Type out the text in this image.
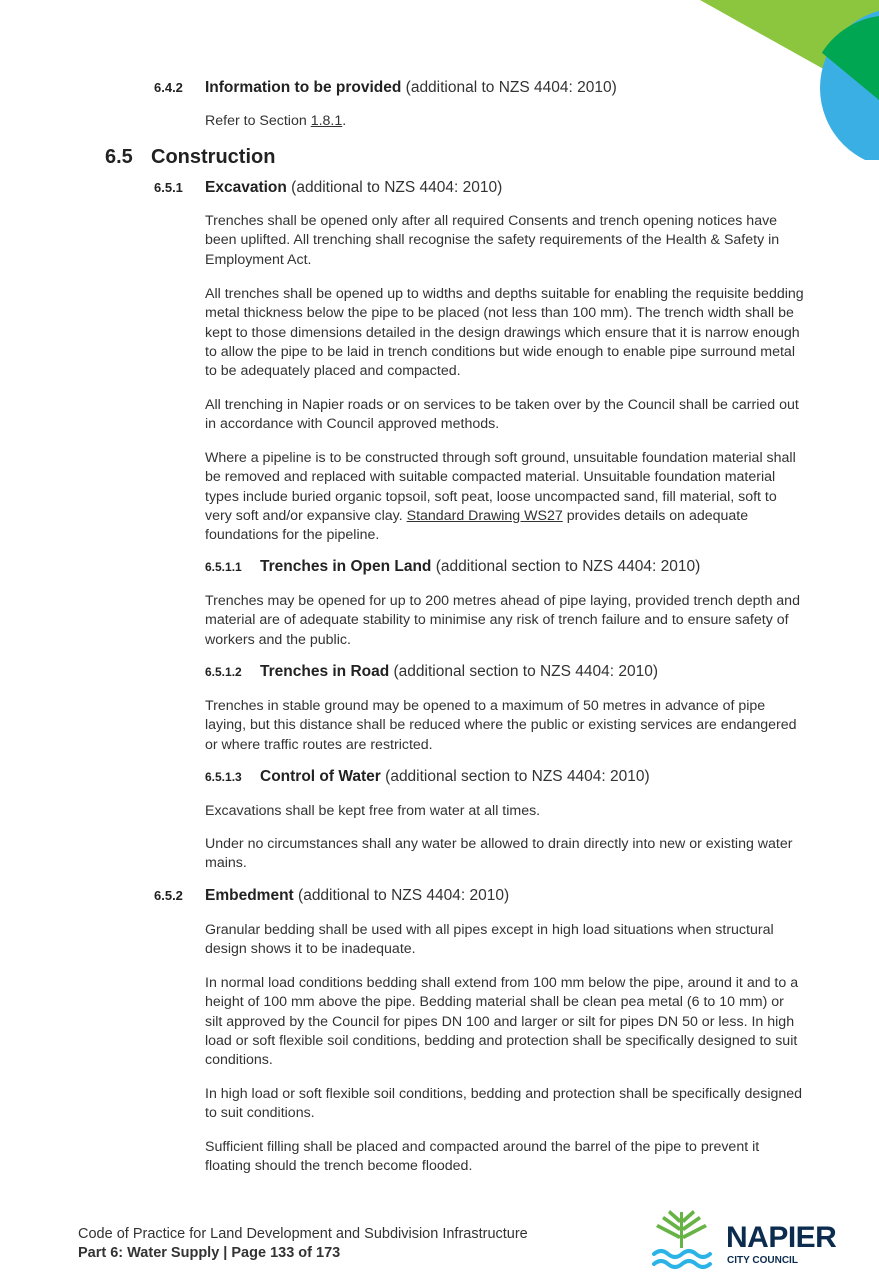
6.4.2 Information to be provided (additional to NZS 4404: 2010)

Refer to Section 1.8.1.

6.5 Construction
6.5.1 Excavation (additional to NZS 4404: 2010)

Trenches shall be opened only after all required Consents and trench opening notices have been uplifted. All trenching shall recognise the safety requirements of the Health & Safety in Employment Act.

All trenches shall be opened up to widths and depths suitable for enabling the requisite bedding metal thickness below the pipe to be placed (not less than 100 mm). The trench width shall be kept to those dimensions detailed in the design drawings which ensure that it is narrow enough to allow the pipe to be laid in trench conditions but wide enough to enable pipe surround metal to be adequately placed and compacted.

All trenching in Napier roads or on services to be taken over by the Council shall be carried out in accordance with Council approved methods.

Where a pipeline is to be constructed through soft ground, unsuitable foundation material shall be removed and replaced with suitable compacted material. Unsuitable foundation material types include buried organic topsoil, soft peat, loose uncompacted sand, fill material, soft to very soft and/or expansive clay. Standard Drawing WS27 provides details on adequate foundations for the pipeline.

6.5.1.1 Trenches in Open Land (additional section to NZS 4404: 2010)

Trenches may be opened for up to 200 metres ahead of pipe laying, provided trench depth and material are of adequate stability to minimise any risk of trench failure and to ensure safety of workers and the public.

6.5.1.2 Trenches in Road (additional section to NZS 4404: 2010)

Trenches in stable ground may be opened to a maximum of 50 metres in advance of pipe laying, but this distance shall be reduced where the public or existing services are endangered or where traffic routes are restricted.

6.5.1.3 Control of Water (additional section to NZS 4404: 2010)

Excavations shall be kept free from water at all times.

Under no circumstances shall any water be allowed to drain directly into new or existing water mains.

6.5.2 Embedment (additional to NZS 4404: 2010)

Granular bedding shall be used with all pipes except in high load situations when structural design shows it to be inadequate.

In normal load conditions bedding shall extend from 100 mm below the pipe, around it and to a height of 100 mm above the pipe. Bedding material shall be clean pea metal (6 to 10 mm) or silt approved by the Council for pipes DN 100 and larger or silt for pipes DN 50 or less. In high load or soft flexible soil conditions, bedding and protection shall be specifically designed to suit conditions.

In high load or soft flexible soil conditions, bedding and protection shall be specifically designed to suit conditions.

Sufficient filling shall be placed and compacted around the barrel of the pipe to prevent it floating should the trench become flooded.

Code of Practice for Land Development and Subdivision Infrastructure
Part 6: Water Supply | Page 133 of 173	NAPIER
CITY COUNCIL
